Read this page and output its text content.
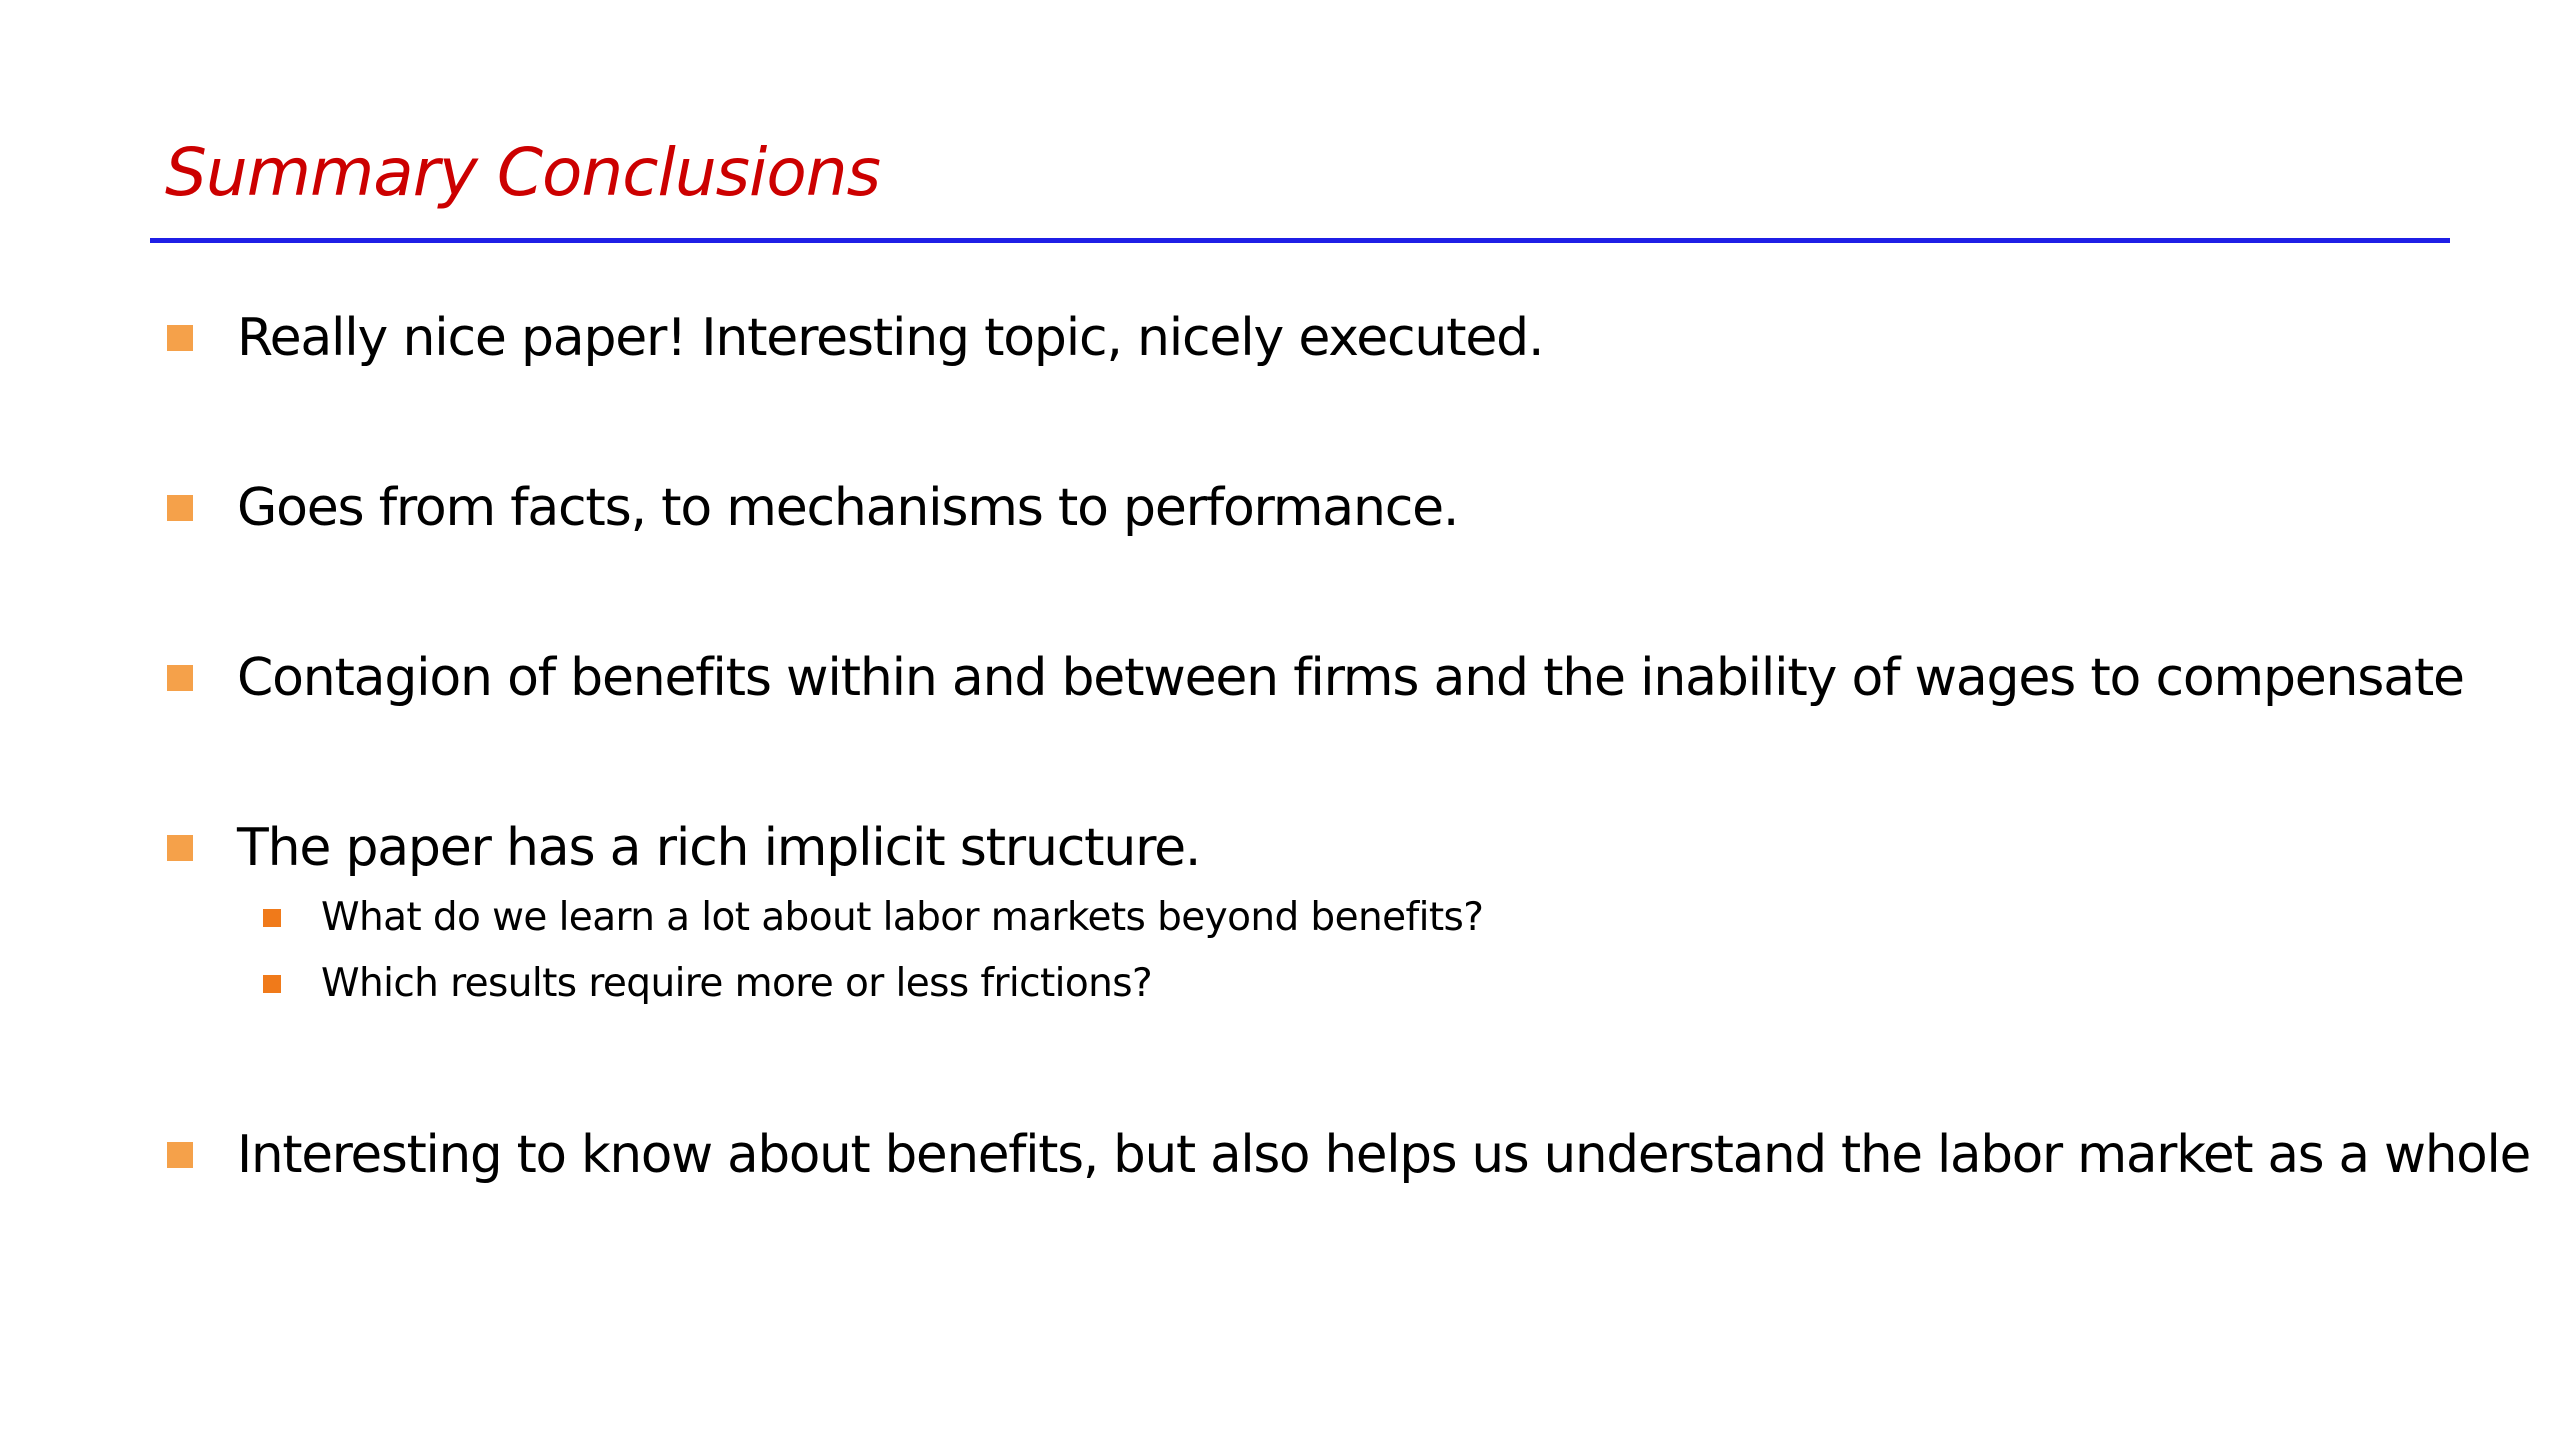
Summary Conclusions
Really nice paper! Interesting topic, nicely executed.
Goes from facts, to mechanisms to performance.
Contagion of benefits within and between firms and the inability of wages to compensate
The paper has a rich implicit structure.
What do we learn a lot about labor markets beyond benefits?
Which results require more or less frictions?
Interesting to know about benefits, but also helps us understand the labor market as a whole
